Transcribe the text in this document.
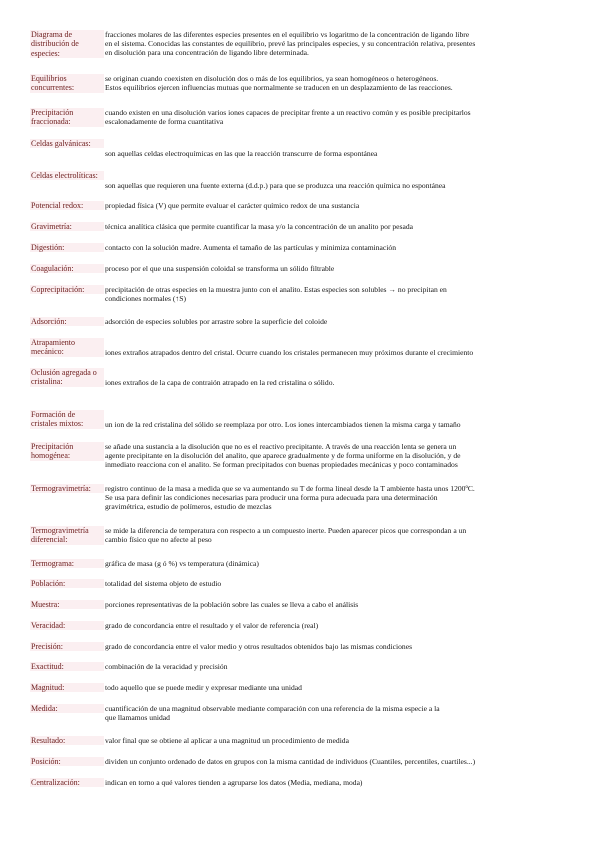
Diagrama de distribución de especies:
fracciones molares de las diferentes especies presentes en el equilibrio vs logaritmo de la concentración de ligando libre
en el sistema. Conocidas las constantes de equilibrio, prevé las principales especies, y su concentración relativa, presentes
en disolución para una concentración de ligando libre determinada.
Equilibrios concurrentes:
se originan cuando coexisten en disolución dos o más de los equilibrios, ya sean homogéneos o heterogéneos.
Estos equilibrios ejercen influencias mutuas que normalmente se traducen en un desplazamiento de las reacciones.
Precipitación fraccionada:
cuando existen en una disolución varios iones capaces de precipitar frente a un reactivo común y es posible precipitarlos
escalonadamente de forma cuantitativa
Celdas galvánicas:
son aquellas celdas electroquímicas en las que la reacción transcurre de forma espontánea
Celdas electrolíticas:
son aquellas que requieren una fuente externa (d.d.p.) para que se produzca una reacción química no espontánea
Potencial redox:	propiedad física (V) que permite evaluar el carácter químico redox de una sustancia
Gravimetría:	técnica analítica clásica que permite cuantificar la masa y/o la concentración de un analito por pesada
Digestión:	contacto con la solución madre. Aumenta el tamaño de las partículas y minimiza contaminación
Coagulación:	proceso por el que una suspensión coloidal se transforma un sólido filtrable
Coprecipitación:	precipitación de otras especies en la muestra junto con el analito. Estas especies son solubles → no precipitan en
condiciones normales (↑S)
Adsorción:	adsorción de especies solubles por arrastre sobre la superficie del coloide
Atrapamiento mecánico:	iones extraños atrapados dentro del cristal. Ocurre cuando los cristales permanecen muy próximos durante el crecimiento
Oclusión agregada o cristalina:	iones extraños de la capa de contraión atrapado en la red cristalina o sólido.
Formación de cristales mixtos:	un ion de la red cristalina del sólido se reemplaza por otro. Los iones intercambiados tienen la misma carga y tamaño
Precipitación homogénea:
se añade una sustancia a la disolución que no es el reactivo precipitante. A través de una reacción lenta se genera un
agente precipitante en la disolución del analito, que aparece gradualmente y de forma uniforme en la disolución, y de
inmediato reacciona con el analito. Se forman precipitados con buenas propiedades mecánicas y poco contaminados
Termogravimetría:	registro continuo de la masa a medida que se va aumentando su T de forma lineal desde la T ambiente hasta unos 1200ºC.
Se usa para definir las condiciones necesarias para producir una forma pura adecuada para una determinación
gravimétrica, estudio de polímeros, estudio de mezclas
Termogravimetría diferencial:
se mide la diferencia de temperatura con respecto a un compuesto inerte. Pueden aparecer picos que correspondan a un
cambio físico que no afecte al peso
Termograma:	gráfica de masa (g ó %) vs temperatura (dinámica)
Población:	totalidad del sistema objeto de estudio
Muestra:	porciones representativas de la población sobre las cuales se lleva a cabo el análisis
Veracidad:	grado de concordancia entre el resultado y el valor de referencia (real)
Precisión:	grado de concordancia entre el valor medio y otros resultados obtenidos bajo las mismas condiciones
Exactitud:	combinación de la veracidad y precisión
Magnitud:	todo aquello que se puede medir y expresar mediante una unidad
Medida:	cuantificación de una magnitud observable mediante comparación con una referencia de la misma especie a la
que llamamos unidad
Resultado:	valor final que se obtiene al aplicar a una magnitud un procedimiento de medida
Posición:	dividen un conjunto ordenado de datos en grupos con la misma cantidad de individuos (Cuantiles, percentiles, cuartiles...)
Centralización:	indican en torno a qué valores tienden a agruparse los datos (Media, mediana, moda)
